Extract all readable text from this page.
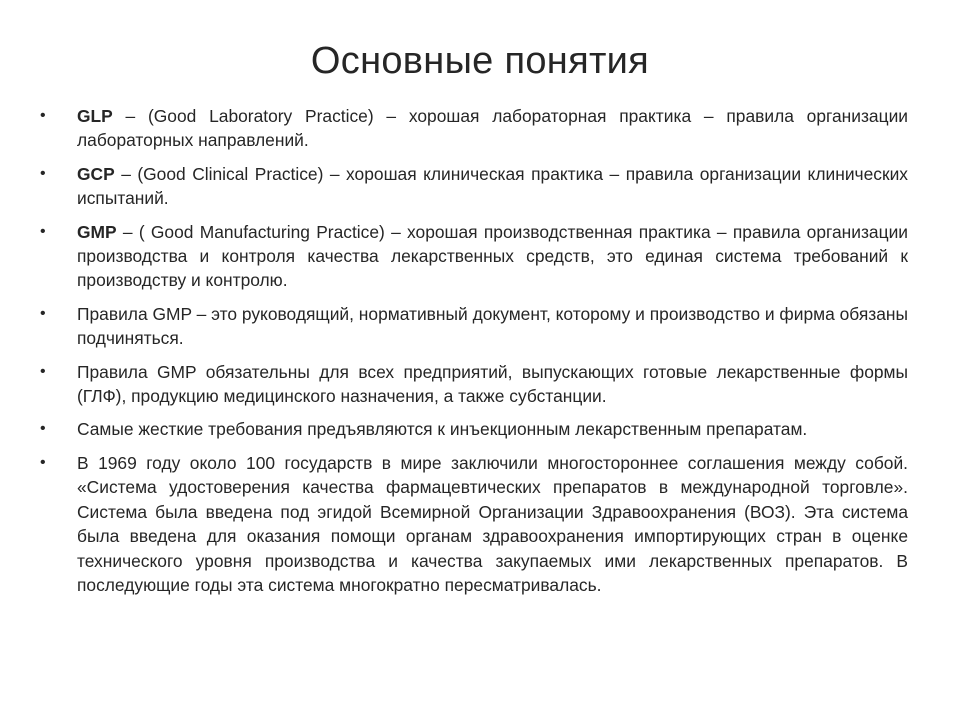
Основные понятия
• GLP – (Good Laboratory Practice) – хорошая лабораторная практика – правила организации лабораторных направлений.
• GCP – (Good Clinical Practice) – хорошая клиническая практика – правила организации клинических испытаний.
• GMP – ( Good Manufacturing Practice) – хорошая производственная практика – правила организации производства и контроля качества лекарственных средств, это единая система требований к производству и контролю.
• Правила GMP – это руководящий, нормативный документ, которому и производство и фирма обязаны подчиняться.
• Правила GMP обязательны для всех предприятий, выпускающих готовые лекарственные формы (ГЛФ), продукцию медицинского назначения, а также субстанции.
• Самые жесткие требования предъявляются к инъекционным лекарственным препаратам.
• В 1969 году около 100 государств в мире заключили многостороннее соглашения между собой. «Система удостоверения качества фармацевтических препаратов в международной торговле». Система была введена под эгидой Всемирной Организации Здравоохранения (ВОЗ). Эта система была введена для оказания помощи органам здравоохранения импортирующих стран в оценке технического уровня производства и качества закупаемых ими лекарственных препаратов. В последующие годы эта система многократно пересматривалась.
